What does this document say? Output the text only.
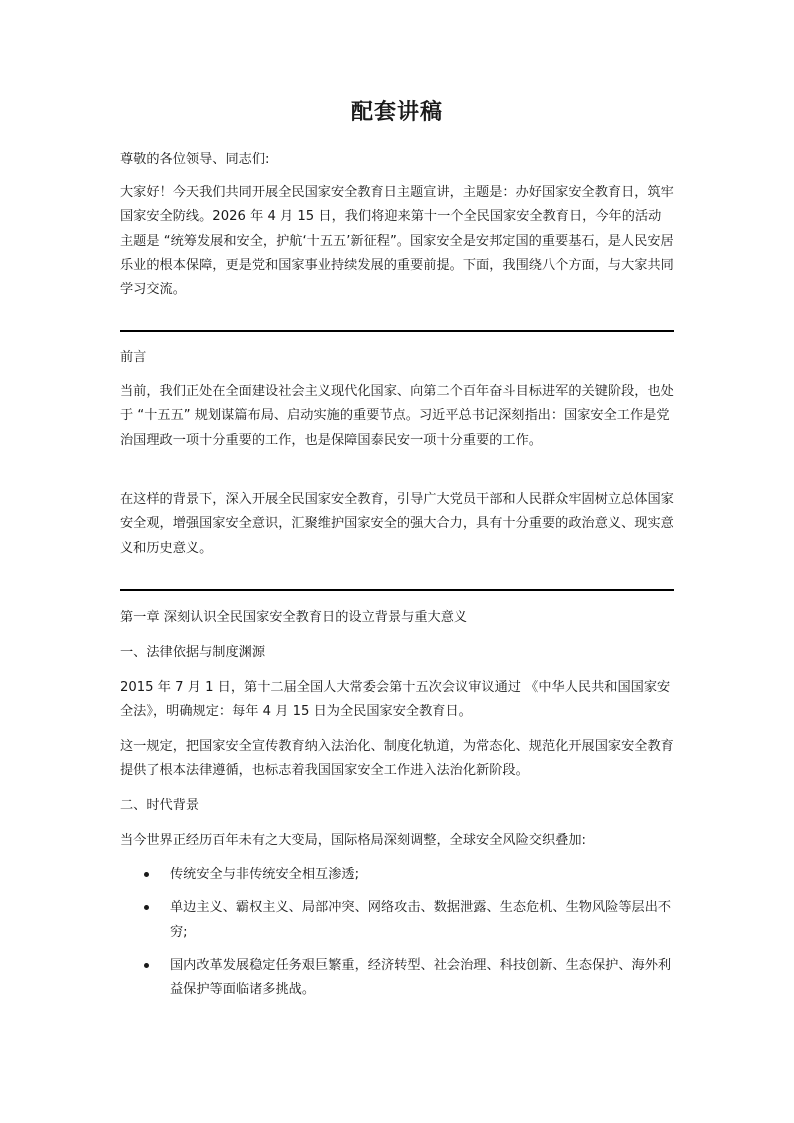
配套讲稿

尊敬的各位领导、同志们:

大家好！今天我们共同开展全民国家安全教育日主题宣讲，主题是：办好国家安全教育日，筑牢国家安全防线。2026 年 4 月 15 日，我们将迎来第十一个全民国家安全教育日，今年的活动主题是 “统筹发展和安全，护航‘十五五’新征程”。国家安全是安邦定国的重要基石，是人民安居乐业的根本保障，更是党和国家事业持续发展的重要前提。下面，我围绕八个方面，与大家共同学习交流。

前言

当前，我们正处在全面建设社会主义现代化国家、向第二个百年奋斗目标进军的关键阶段，也处于 “十五五” 规划谋篇布局、启动实施的重要节点。习近平总书记深刻指出：国家安全工作是党治国理政一项十分重要的工作，也是保障国泰民安一项十分重要的工作。

在这样的背景下，深入开展全民国家安全教育，引导广大党员干部和人民群众牢固树立总体国家安全观，增强国家安全意识，汇聚维护国家安全的强大合力，具有十分重要的政治意义、现实意义和历史意义。

第一章 深刻认识全民国家安全教育日的设立背景与重大意义

一、法律依据与制度渊源

2015 年 7 月 1 日，第十二届全国人大常委会第十五次会议审议通过 《中华人民共和国国家安全法》，明确规定：每年 4 月 15 日为全民国家安全教育日。

这一规定，把国家安全宣传教育纳入法治化、制度化轨道，为常态化、规范化开展国家安全教育提供了根本法律遵循，也标志着我国国家安全工作进入法治化新阶段。

二、时代背景

当今世界正经历百年未有之大变局，国际格局深刻调整，全球安全风险交织叠加:

传统安全与非传统安全相互渗透;
单边主义、霸权主义、局部冲突、网络攻击、数据泄露、生态危机、生物风险等层出不穷;
国内改革发展稳定任务艰巨繁重，经济转型、社会治理、科技创新、生态保护、海外利益保护等面临诸多挑战。
